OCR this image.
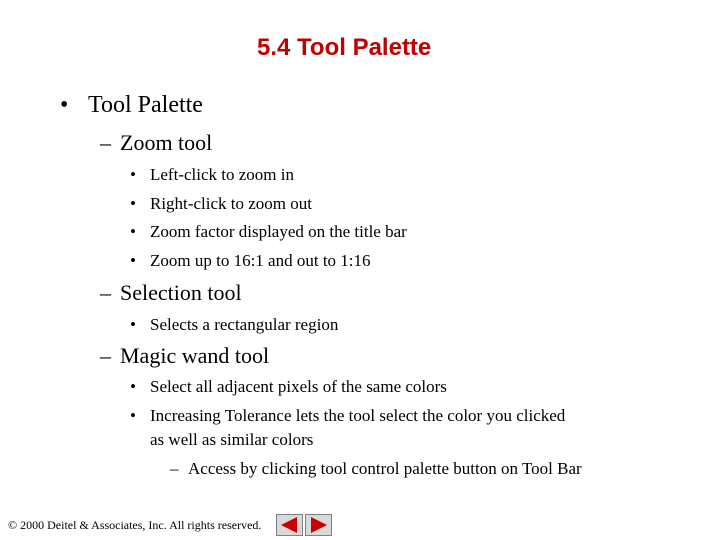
5.4 Tool Palette
• Tool Palette
– Zoom tool
• Left-click to zoom in
• Right-click to zoom out
• Zoom factor displayed on the title bar
• Zoom up to 16:1 and out to 1:16
– Selection tool
• Selects a rectangular region
– Magic wand tool
• Select all adjacent pixels of the same colors
• Increasing Tolerance lets the tool select the color you clicked
as well as similar colors
– Access by clicking tool control palette button on Tool Bar
© 2000 Deitel & Associates, Inc. All rights reserved.
